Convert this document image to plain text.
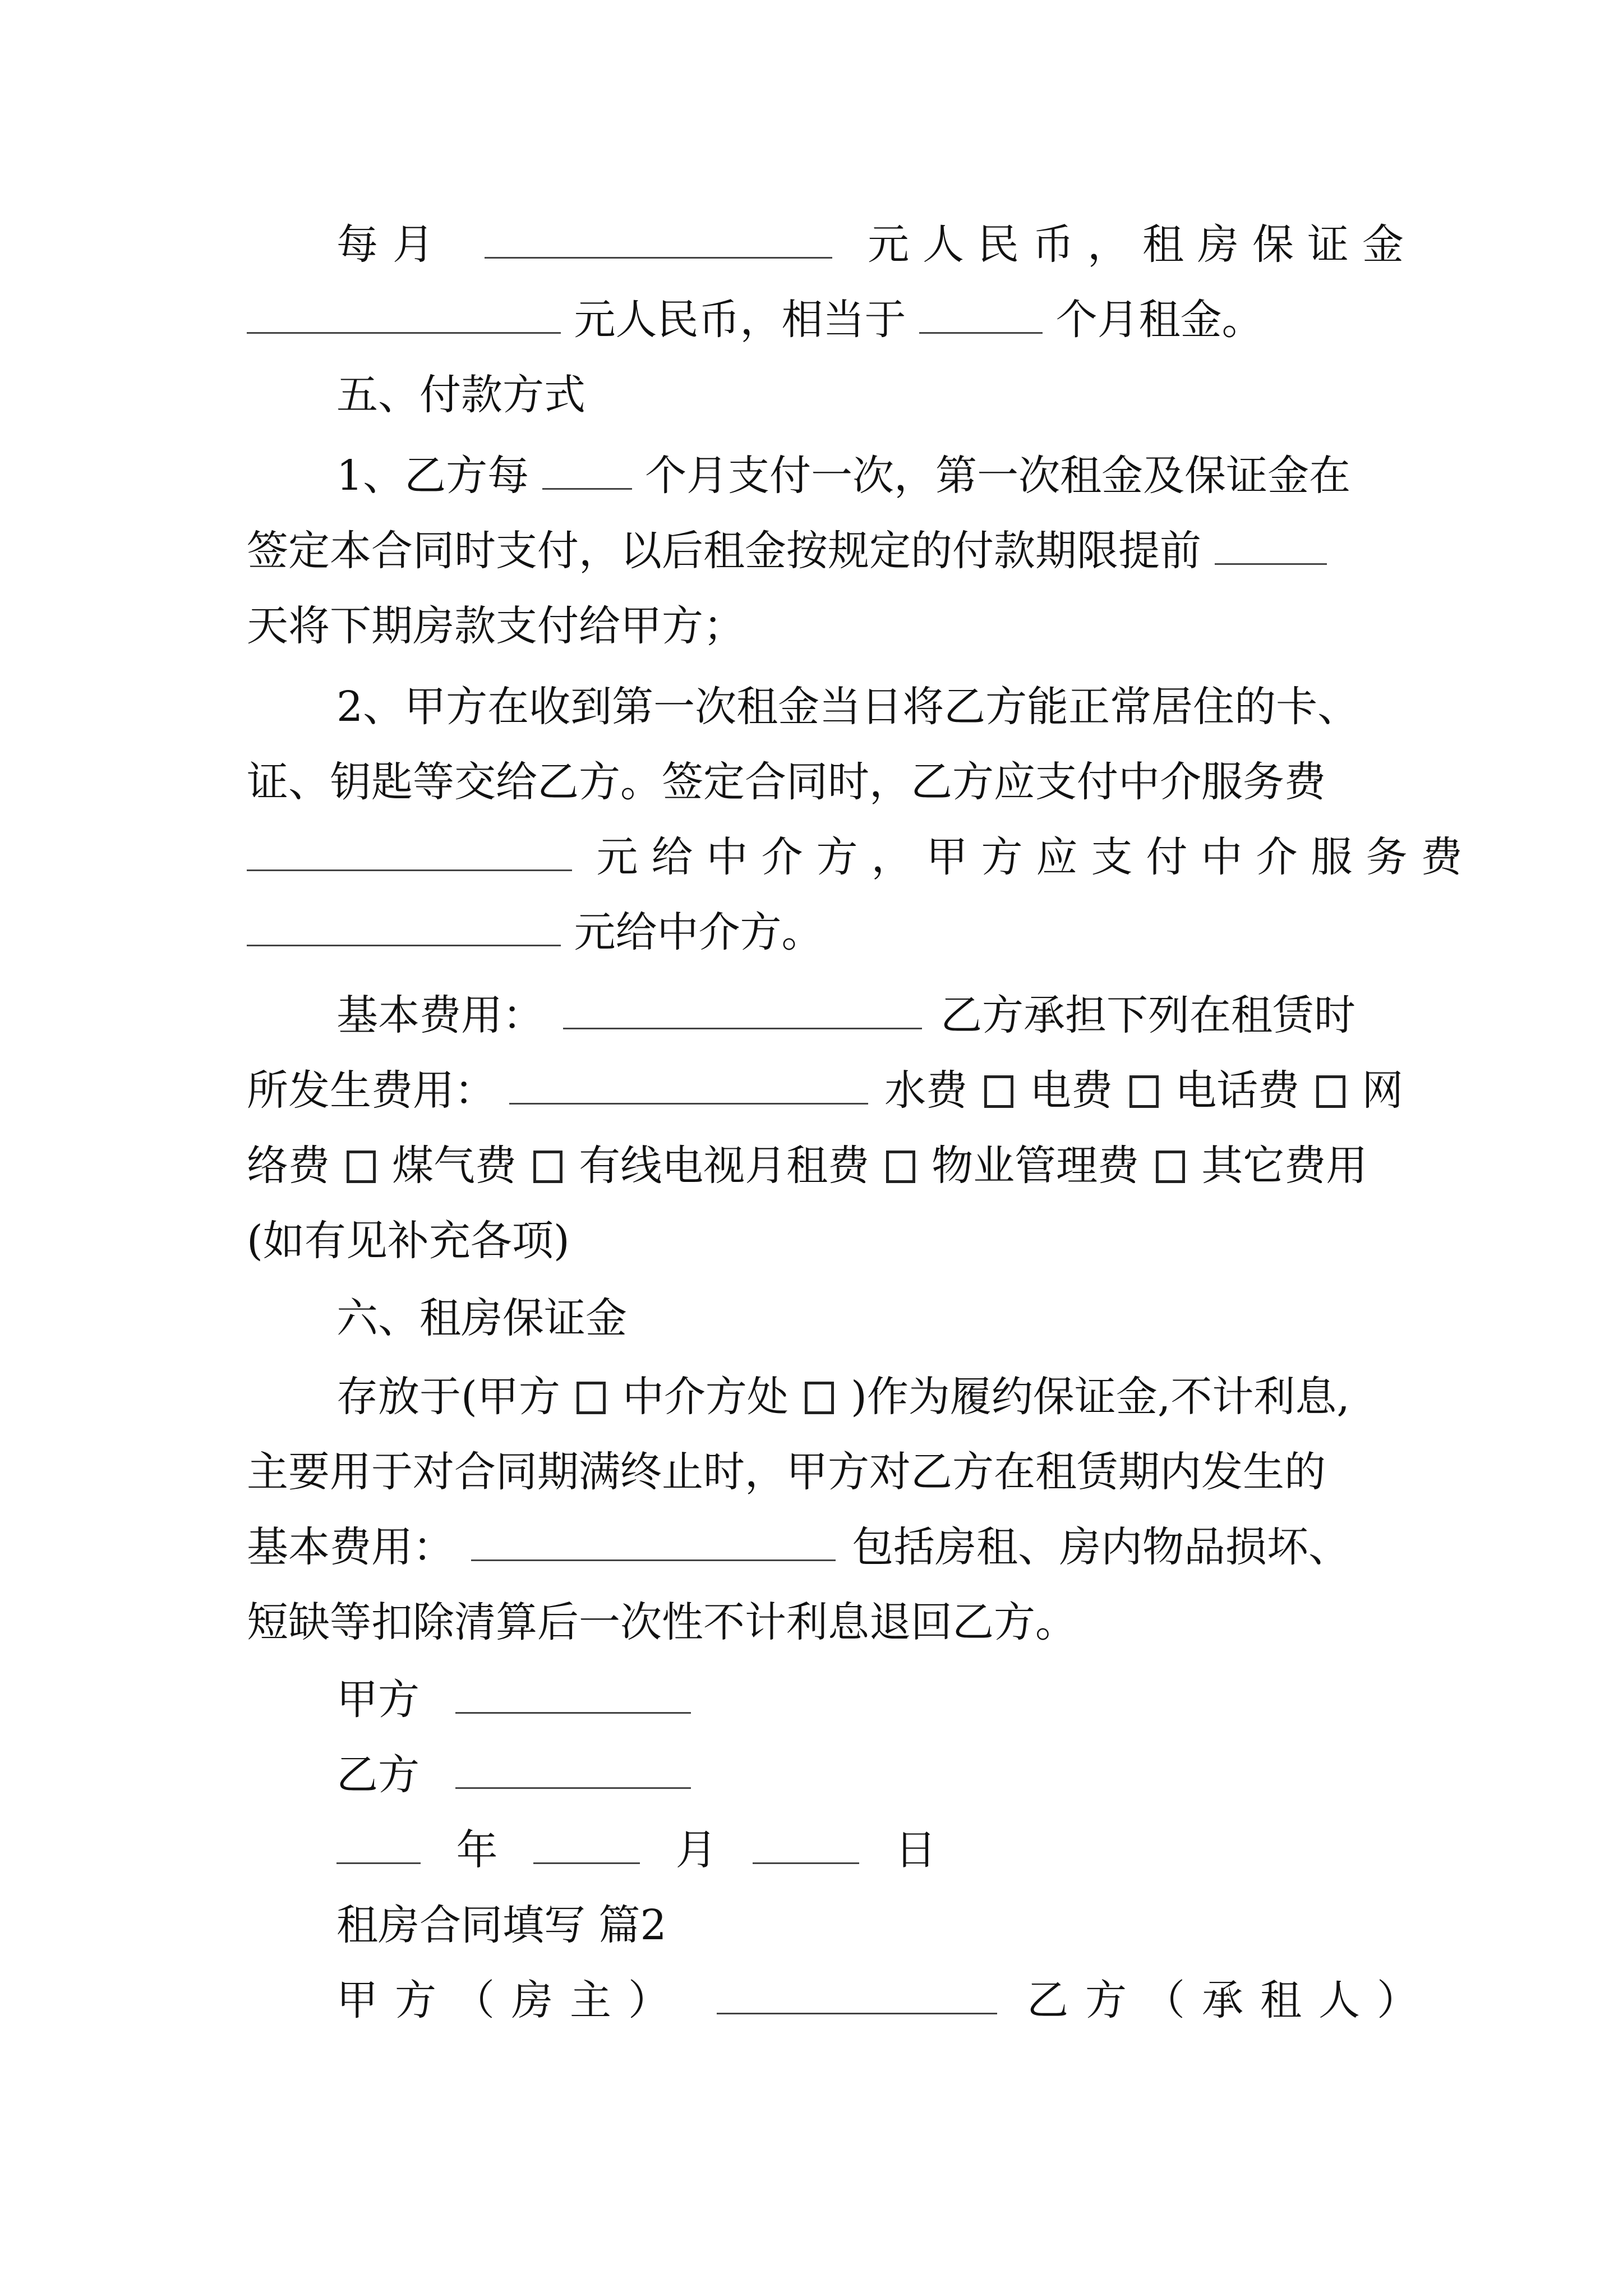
每月	元人民币，租房保证金
元人民币，相当于	个月租金。
五、付款方式
1、乙方每	个月支付一次，第一次租金及保证金在
签定本合同时支付，以后租金按规定的付款期限提前
天将下期房款支付给甲方；
2、甲方在收到第一次租金当日将乙方能正常居住的卡、
证、钥匙等交给乙方。签定合同时，乙方应支付中介服务费
元给中介方，甲方应支付中介服务费
元给中介方。
基本费用：	乙方承担下列在租赁时
所发生费用：	水费 电费 电话费 网
络费 煤气费 有线电视月租费 物业管理费 其它费用
(如有见补充各项)
六、租房保证金
存放于(甲方 中介方处 )作为履约保证金,不计利息,
主要用于对合同期满终止时，甲方对乙方在租赁期内发生的
基本费用：	包括房租、房内物品损坏、
短缺等扣除清算后一次性不计利息退回乙方。
甲方
乙方
年	月	日
租房合同填写 篇2
甲方（房主）	乙方（承租人）
